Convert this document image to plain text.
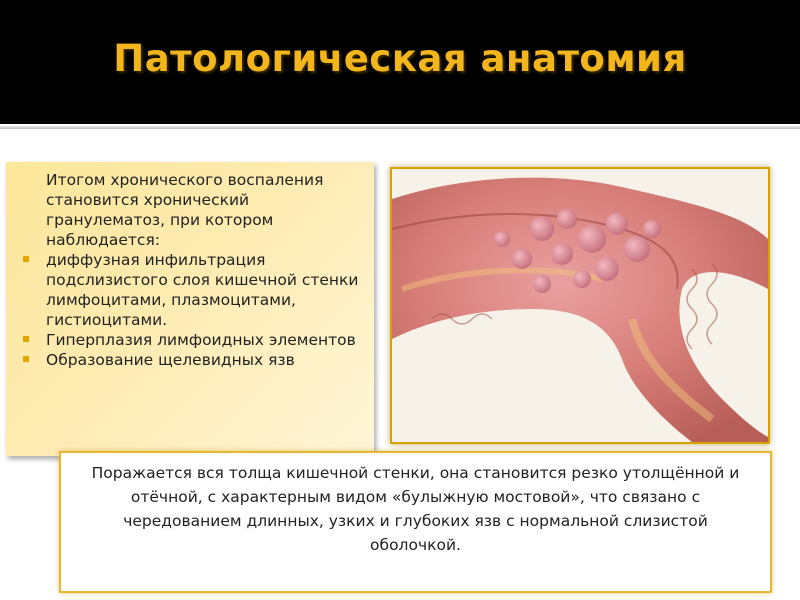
Патологическая анатомия
Итогом хронического воспаления становится хронический гранулематоз, при котором наблюдается:
диффузная инфильтрация подслизистого слоя кишечной стенки лимфоцитами, плазмоцитами, гистиоцитами.
Гиперплазия лимфоидных элементов
Образование щелевидных язв
Поражается вся толща кишечной стенки, она становится резко утолщённой и отёчной, с характерным видом «булыжную мостовой», что связано с чередованием длинных, узких и глубоких язв с нормальной слизистой оболочкой.
